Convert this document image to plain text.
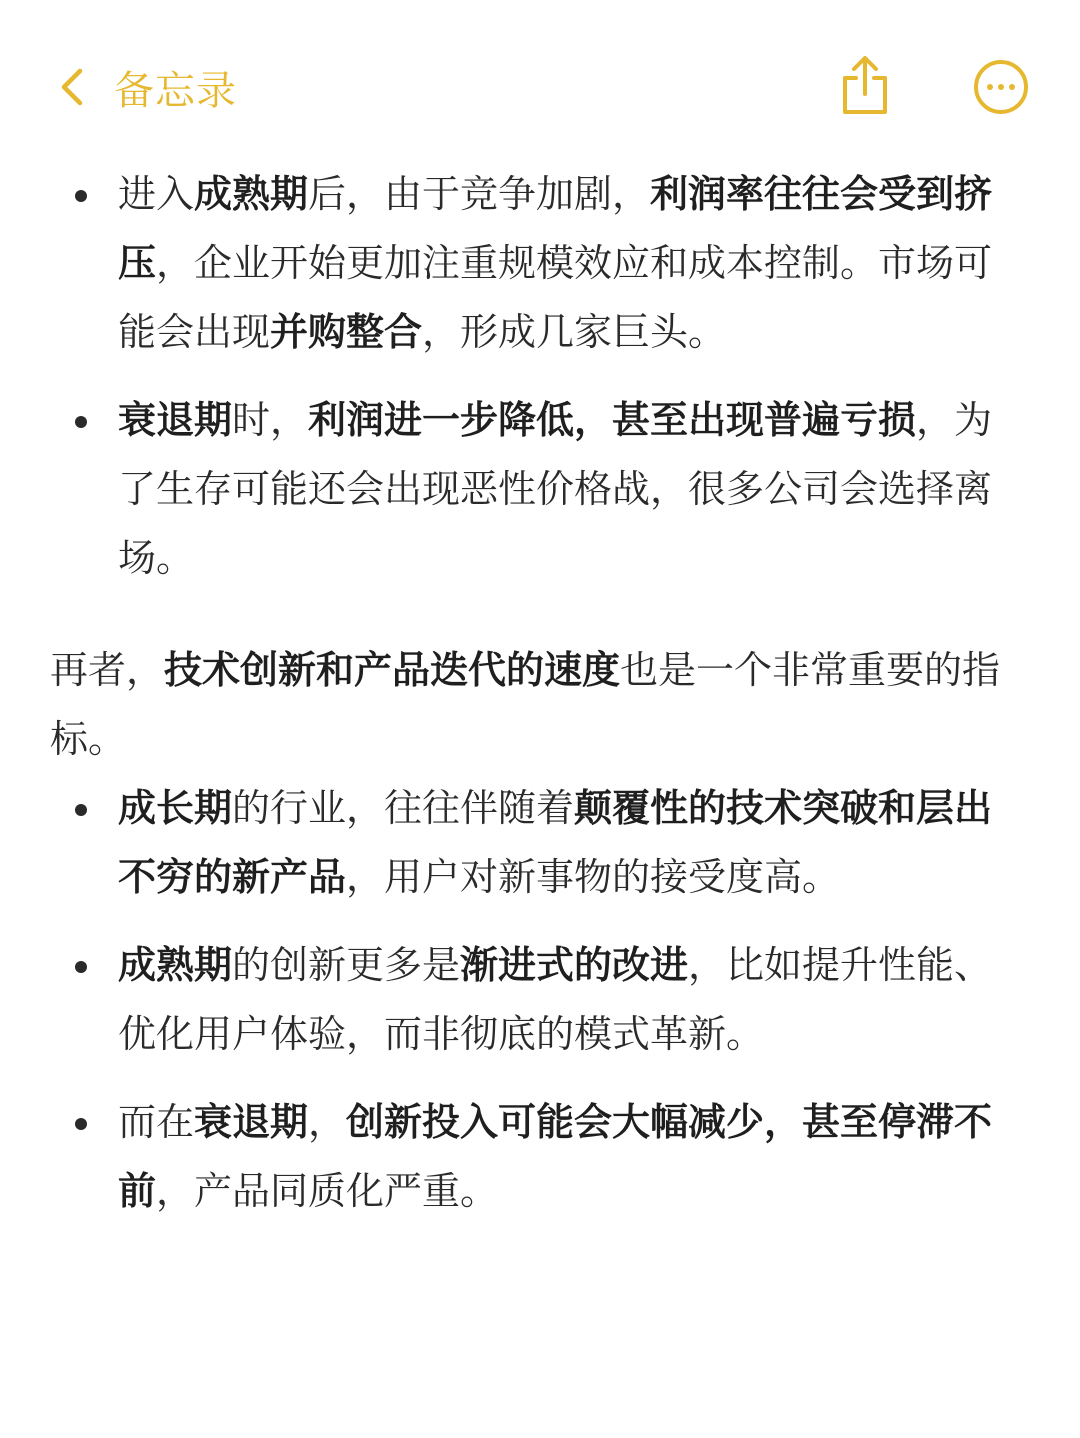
备忘录
进入成熟期后，由于竞争加剧，利润率往往会受到挤压，企业开始更加注重规模效应和成本控制。市场可能会出现并购整合，形成几家巨头。
衰退期时，利润进一步降低，甚至出现普遍亏损，为了生存可能还会出现恶性价格战，很多公司会选择离场。

再者，技术创新和产品迭代的速度也是一个非常重要的指标。

成长期的行业，往往伴随着颠覆性的技术突破和层出不穷的新产品，用户对新事物的接受度高。
成熟期的创新更多是渐进式的改进，比如提升性能、优化用户体验，而非彻底的模式革新。
而在衰退期，创新投入可能会大幅减少，甚至停滞不前，产品同质化严重。
